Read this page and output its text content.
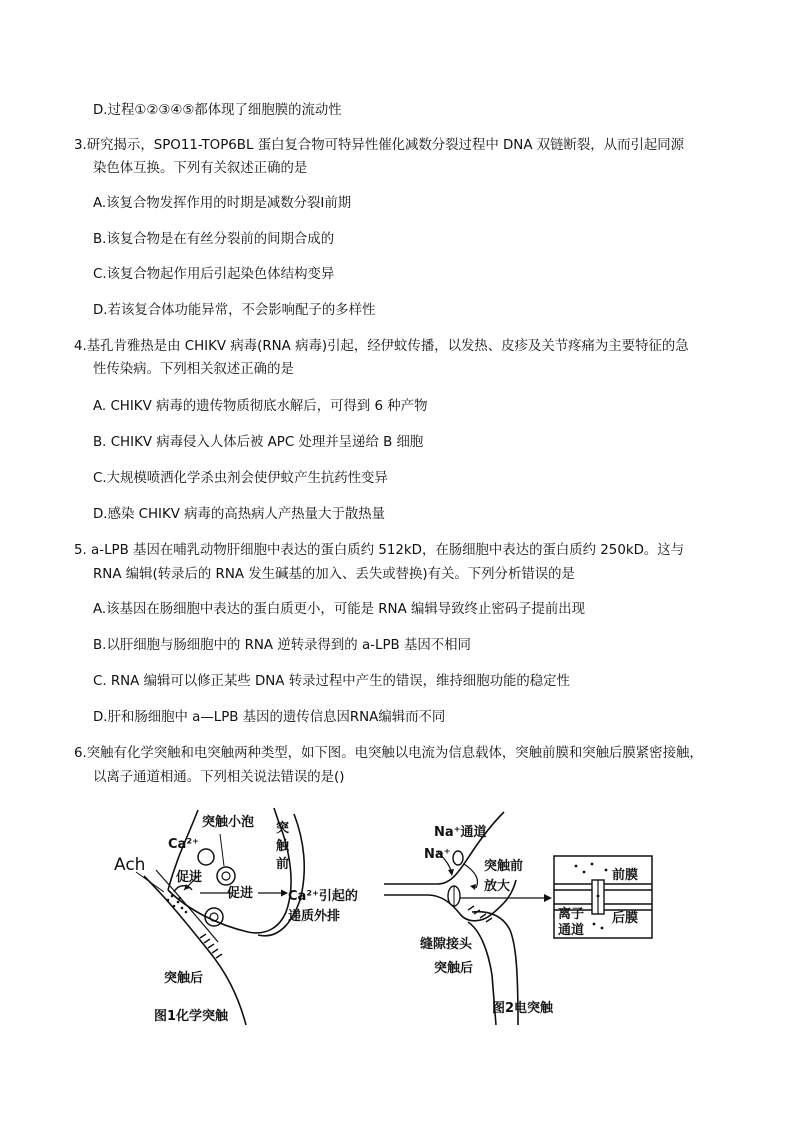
D.过程①②③④⑤都体现了细胞膜的流动性
3.研究揭示，SPO11-TOP6BL 蛋白复合物可特异性催化减数分裂过程中 DNA 双链断裂，从而引起同源
染色体互换。下列有关叙述正确的是
A.该复合物发挥作用的时期是减数分裂Ⅰ前期
B.该复合物是在有丝分裂前的间期合成的
C.该复合物起作用后引起染色体结构变异
D.若该复合体功能异常，不会影响配子的多样性
4.基孔肯雅热是由 CHIKV 病毒(RNA 病毒)引起，经伊蚊传播，以发热、皮疹及关节疼痛为主要特征的急
性传染病。下列相关叙述正确的是
A. CHIKV 病毒的遗传物质彻底水解后，可得到 6 种产物
B. CHIKV 病毒侵入人体后被 APC 处理并呈递给 B 细胞
C.大规模喷洒化学杀虫剂会使伊蚊产生抗药性变异
D.感染 CHIKV 病毒的高热病人产热量大于散热量
5. a-LPB 基因在哺乳动物肝细胞中表达的蛋白质约 512kD，在肠细胞中表达的蛋白质约 250kD。这与
RNA 编辑(转录后的 RNA 发生碱基的加入、丢失或替换)有关。下列分析错误的是
A.该基因在肠细胞中表达的蛋白质更小，可能是 RNA 编辑导致终止密码子提前出现
B.以肝细胞与肠细胞中的 RNA 逆转录得到的 a-LPB 基因不相同
C. RNA 编辑可以修正某些 DNA 转录过程中产生的错误，维持细胞功能的稳定性
D.肝和肠细胞中 a—LPB 基因的遗传信息因RNA编辑而不同
6.突触有化学突触和电突触两种类型，如下图。电突触以电流为信息载体，突触前膜和突触后膜紧密接触，
以离子通道相通。下列相关说法错误的是()
突触小泡
Ca²⁺
突
触
前
Ach
促进
促进	Ca²⁺引起的
递质外排
突触后
图1化学突触
Na⁺通道
Na⁺
突触前
放大
前膜
离子
通道
后膜
缝隙接头
突触后
图2电突触
